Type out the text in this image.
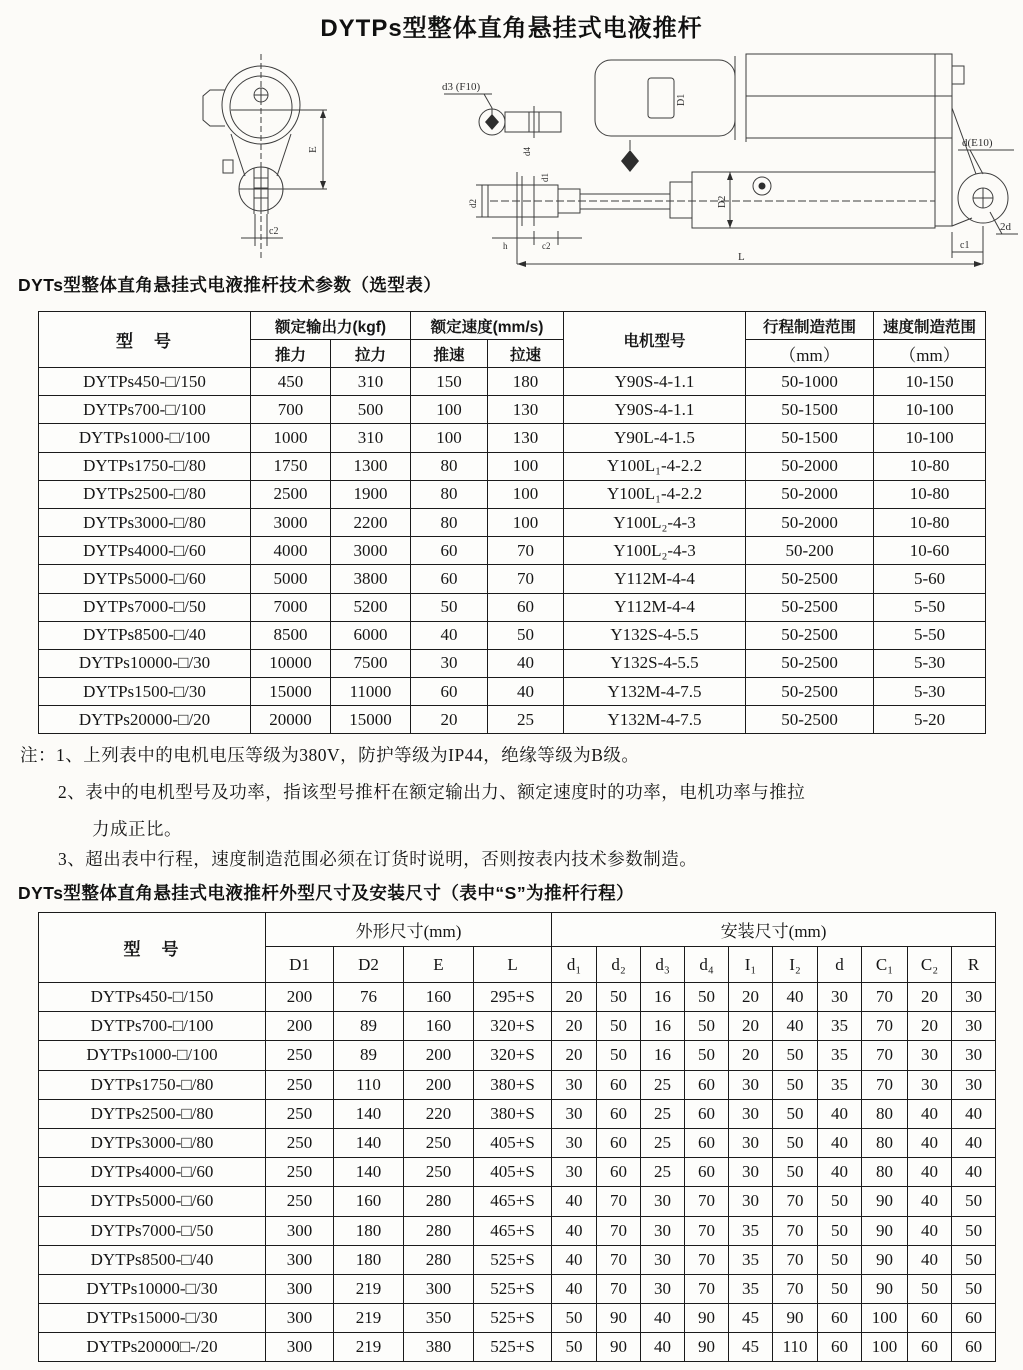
DYTPs型整体直角悬挂式电液推杆
E
c2
d3 (F10)
d4
D1
D2
d1
d2
h	c2
d(E10)
2d
c1
L
DYTs型整体直角悬挂式电液推杆技术参数（选型表）
型　号	额定输出力(kgf)		额定速度(mm/s)		电机型号	行程制造范围	速度制造范围
	推力	拉力	推速	拉速		（mm）	（mm）
DYTPs450-□/150	450	310	150	180	Y90S-4-1.1	50-1000	10-150
DYTPs700-□/100	700	500	100	130	Y90S-4-1.1	50-1500	10-100
DYTPs1000-□/100	1000	310	100	130	Y90L-4-1.5	50-1500	10-100
DYTPs1750-□/80	1750	1300	80	100	Y100L₁-4-2.2	50-2000	10-80
DYTPs2500-□/80	2500	1900	80	100	Y100L₁-4-2.2	50-2000	10-80
DYTPs3000-□/80	3000	2200	80	100	Y100L₂-4-3	50-2000	10-80
DYTPs4000-□/60	4000	3000	60	70	Y100L₂-4-3	50-200	10-60
DYTPs5000-□/60	5000	3800	60	70	Y112M-4-4	50-2500	5-60
DYTPs7000-□/50	7000	5200	50	60	Y112M-4-4	50-2500	5-50
DYTPs8500-□/40	8500	6000	40	50	Y132S-4-5.5	50-2500	5-50
DYTPs10000-□/30	10000	7500	30	40	Y132S-4-5.5	50-2500	5-30
DYTPs1500-□/30	15000	11000	60	40	Y132M-4-7.5	50-2500	5-30
DYTPs20000-□/20	20000	15000	20	25	Y132M-4-7.5	50-2500	5-20
注：1、上列表中的电机电压等级为380V，防护等级为IP44，绝缘等级为B级。
2、表中的电机型号及功率，指该型号推杆在额定输出力、额定速度时的功率，电机功率与推拉
力成正比。
3、超出表中行程，速度制造范围必须在订货时说明，否则按表内技术参数制造。
DYTs型整体直角悬挂式电液推杆外型尺寸及安装尺寸（表中“S”为推杆行程）
型　号	外形尺寸(mm)				安装尺寸(mm)									
	D1	D2	E	L	d₁	d₂	d₃	d₄	I₁	I₂	d	C₁	C₂	R
DYTPs450-□/150	200	76	160	295+S	20	50	16	50	20	40	30	70	20	30
DYTPs700-□/100	200	89	160	320+S	20	50	16	50	20	40	35	70	20	30
DYTPs1000-□/100	250	89	200	320+S	20	50	16	50	20	50	35	70	30	30
DYTPs1750-□/80	250	110	200	380+S	30	60	25	60	30	50	35	70	30	30
DYTPs2500-□/80	250	140	220	380+S	30	60	25	60	30	50	40	80	40	40
DYTPs3000-□/80	250	140	250	405+S	30	60	25	60	30	50	40	80	40	40
DYTPs4000-□/60	250	140	250	405+S	30	60	25	60	30	50	40	80	40	40
DYTPs5000-□/60	250	160	280	465+S	40	70	30	70	30	70	50	90	40	50
DYTPs7000-□/50	300	180	280	465+S	40	70	30	70	35	70	50	90	40	50
DYTPs8500-□/40	300	180	280	525+S	40	70	30	70	35	70	50	90	40	50
DYTPs10000-□/30	300	219	300	525+S	40	70	30	70	35	70	50	90	50	50
DYTPs15000-□/30	300	219	350	525+S	50	90	40	90	45	90	60	100	60	60
DYTPs20000□-/20	300	219	380	525+S	50	90	40	90	45	110	60	100	60	60
